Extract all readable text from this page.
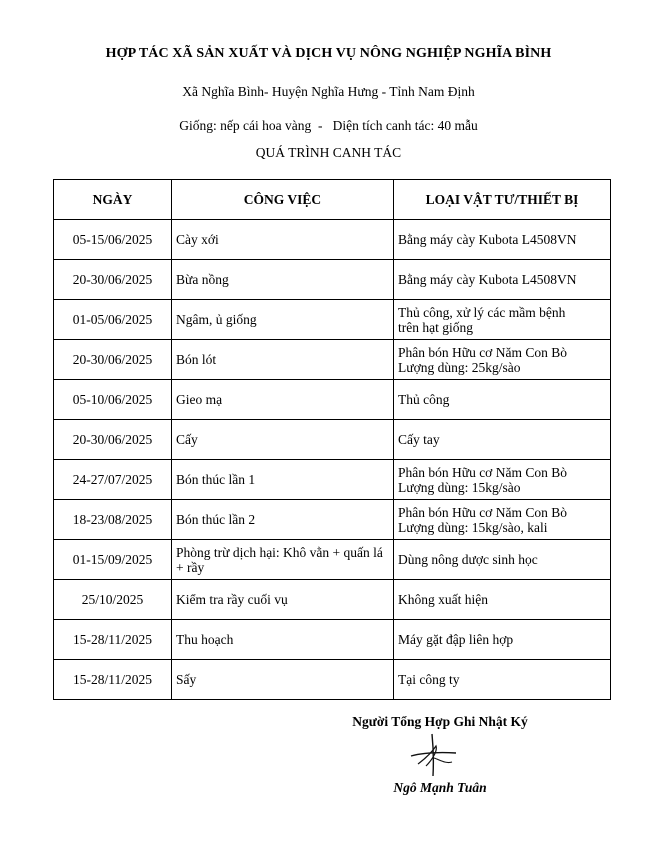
HỢP TÁC XÃ SẢN XUẤT VÀ DỊCH VỤ NÔNG NGHIỆP NGHĨA BÌNH
Xã Nghĩa Bình- Huyện Nghĩa Hưng - Tỉnh Nam Định
Giống: nếp cái hoa vàng  -   Diện tích canh tác: 40 mẫu
QUÁ TRÌNH CANH TÁC
NGÀY	CÔNG VIỆC	LOẠI VẬT TƯ/THIẾT BỊ
05-15/06/2025	Cày xới	Bằng máy cày Kubota L4508VN

20-30/06/2025	Bừa nồng	Bằng máy cày Kubota L4508VN

01-05/06/2025	Ngâm, ủ giống	Thủ công, xử lý các mầm bệnh
trên hạt giống

20-30/06/2025	Bón lót	Phân bón Hữu cơ Năm Con Bò
Lượng dùng: 25kg/sào

05-10/06/2025	Gieo mạ	Thủ công

20-30/06/2025	Cấy	Cấy tay

24-27/07/2025	Bón thúc lần 1	Phân bón Hữu cơ Năm Con Bò
Lượng dùng: 15kg/sào

18-23/08/2025	Bón thúc lần 2	Phân bón Hữu cơ Năm Con Bò
Lượng dùng: 15kg/sào, kali

01-15/09/2025	Phòng trừ dịch hại: Khô vằn + quấn lá + rầy	Dùng nông dược sinh học

25/10/2025	Kiểm tra rầy cuối vụ	Không xuất hiện

15-28/11/2025	Thu hoạch	Máy gặt đập liên hợp

15-28/11/2025	Sấy	Tại công ty
Người Tổng Hợp Ghi Nhật Ký
Ngô Mạnh Tuân
